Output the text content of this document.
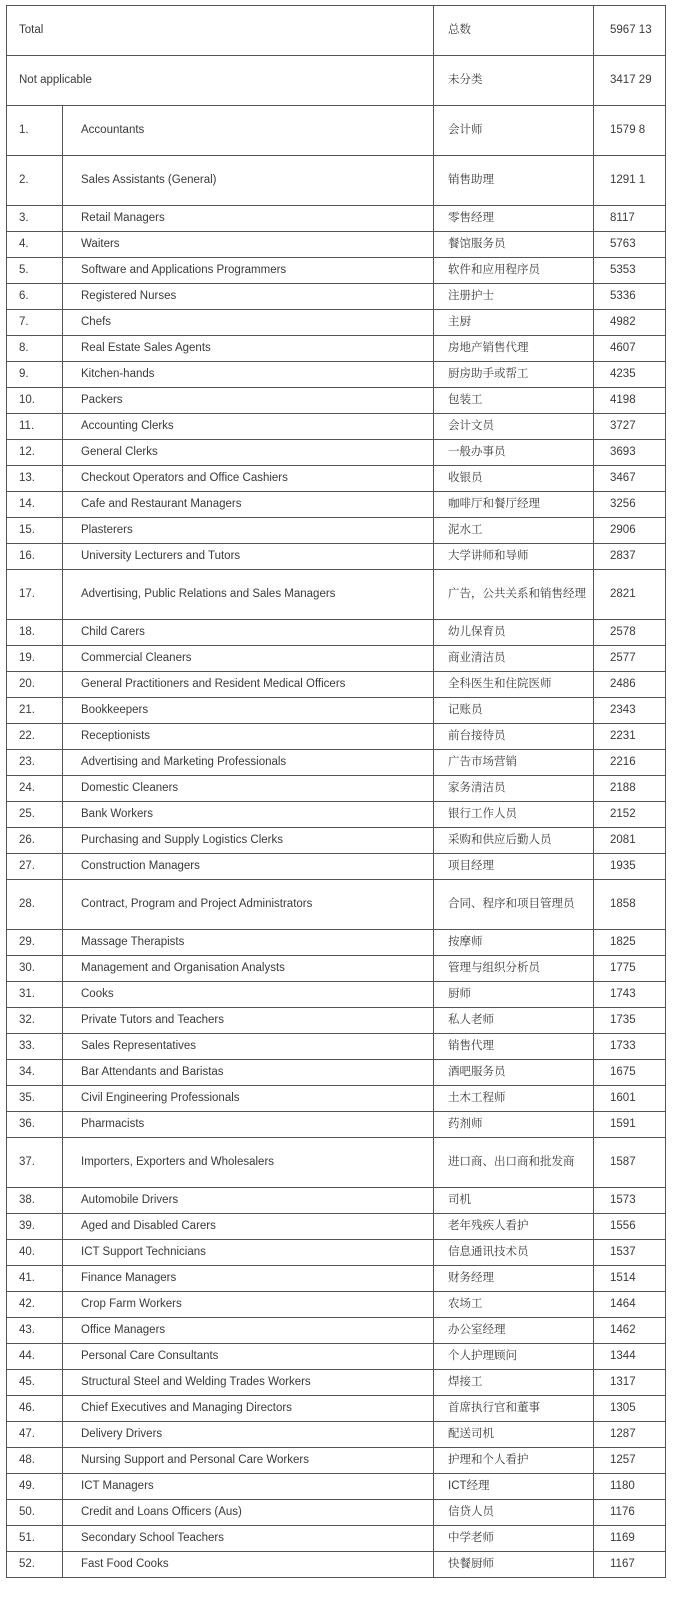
Total		总数	5967 13
Not applicable		未分类	3417 29
1.	Accountants	会计师	1579 8
2.	Sales Assistants (General)	销售助理	1291 1
3.	Retail Managers	零售经理	8117
4.	Waiters	餐馆服务员	5763
5.	Software and Applications Programmers	软件和应用程序员	5353
6.	Registered Nurses	注册护士	5336
7.	Chefs	主厨	4982
8.	Real Estate Sales Agents	房地产销售代理	4607
9.	Kitchen-hands	厨房助手或帮工	4235
10.	Packers	包装工	4198
11.	Accounting Clerks	会计文员	3727
12.	General Clerks	一般办事员	3693
13.	Checkout Operators and Office Cashiers	收银员	3467
14.	Cafe and Restaurant Managers	咖啡厅和餐厅经理	3256
15.	Plasterers	泥水工	2906
16.	University Lecturers and Tutors	大学讲师和导师	2837
17.	Advertising, Public Relations and Sales Managers	广告，公共关系和销售经理	2821
18.	Child Carers	幼儿保育员	2578
19.	Commercial Cleaners	商业清洁员	2577
20.	General Practitioners and Resident Medical Officers	全科医生和住院医师	2486
21.	Bookkeepers	记账员	2343
22.	Receptionists	前台接待员	2231
23.	Advertising and Marketing Professionals	广告市场营销	2216
24.	Domestic Cleaners	家务清洁员	2188
25.	Bank Workers	银行工作人员	2152
26.	Purchasing and Supply Logistics Clerks	采购和供应后勤人员	2081
27.	Construction Managers	项目经理	1935
28.	Contract, Program and Project Administrators	合同、程序和项目管理员	1858
29.	Massage Therapists	按摩师	1825
30.	Management and Organisation Analysts	管理与组织分析员	1775
31.	Cooks	厨师	1743
32.	Private Tutors and Teachers	私人老师	1735
33.	Sales Representatives	销售代理	1733
34.	Bar Attendants and Baristas	酒吧服务员	1675
35.	Civil Engineering Professionals	土木工程师	1601
36.	Pharmacists	药剂师	1591
37.	Importers, Exporters and Wholesalers	进口商、出口商和批发商	1587
38.	Automobile Drivers	司机	1573
39.	Aged and Disabled Carers	老年残疾人看护	1556
40.	ICT Support Technicians	信息通讯技术员	1537
41.	Finance Managers	财务经理	1514
42.	Crop Farm Workers	农场工	1464
43.	Office Managers	办公室经理	1462
44.	Personal Care Consultants	个人护理顾问	1344
45.	Structural Steel and Welding Trades Workers	焊接工	1317
46.	Chief Executives and Managing Directors	首席执行官和董事	1305
47.	Delivery Drivers	配送司机	1287
48.	Nursing Support and Personal Care Workers	护理和个人看护	1257
49.	ICT Managers	ICT经理	1180
50.	Credit and Loans Officers (Aus)	信贷人员	1176
51.	Secondary School Teachers	中学老师	1169
52.	Fast Food Cooks	快餐厨师	1167
